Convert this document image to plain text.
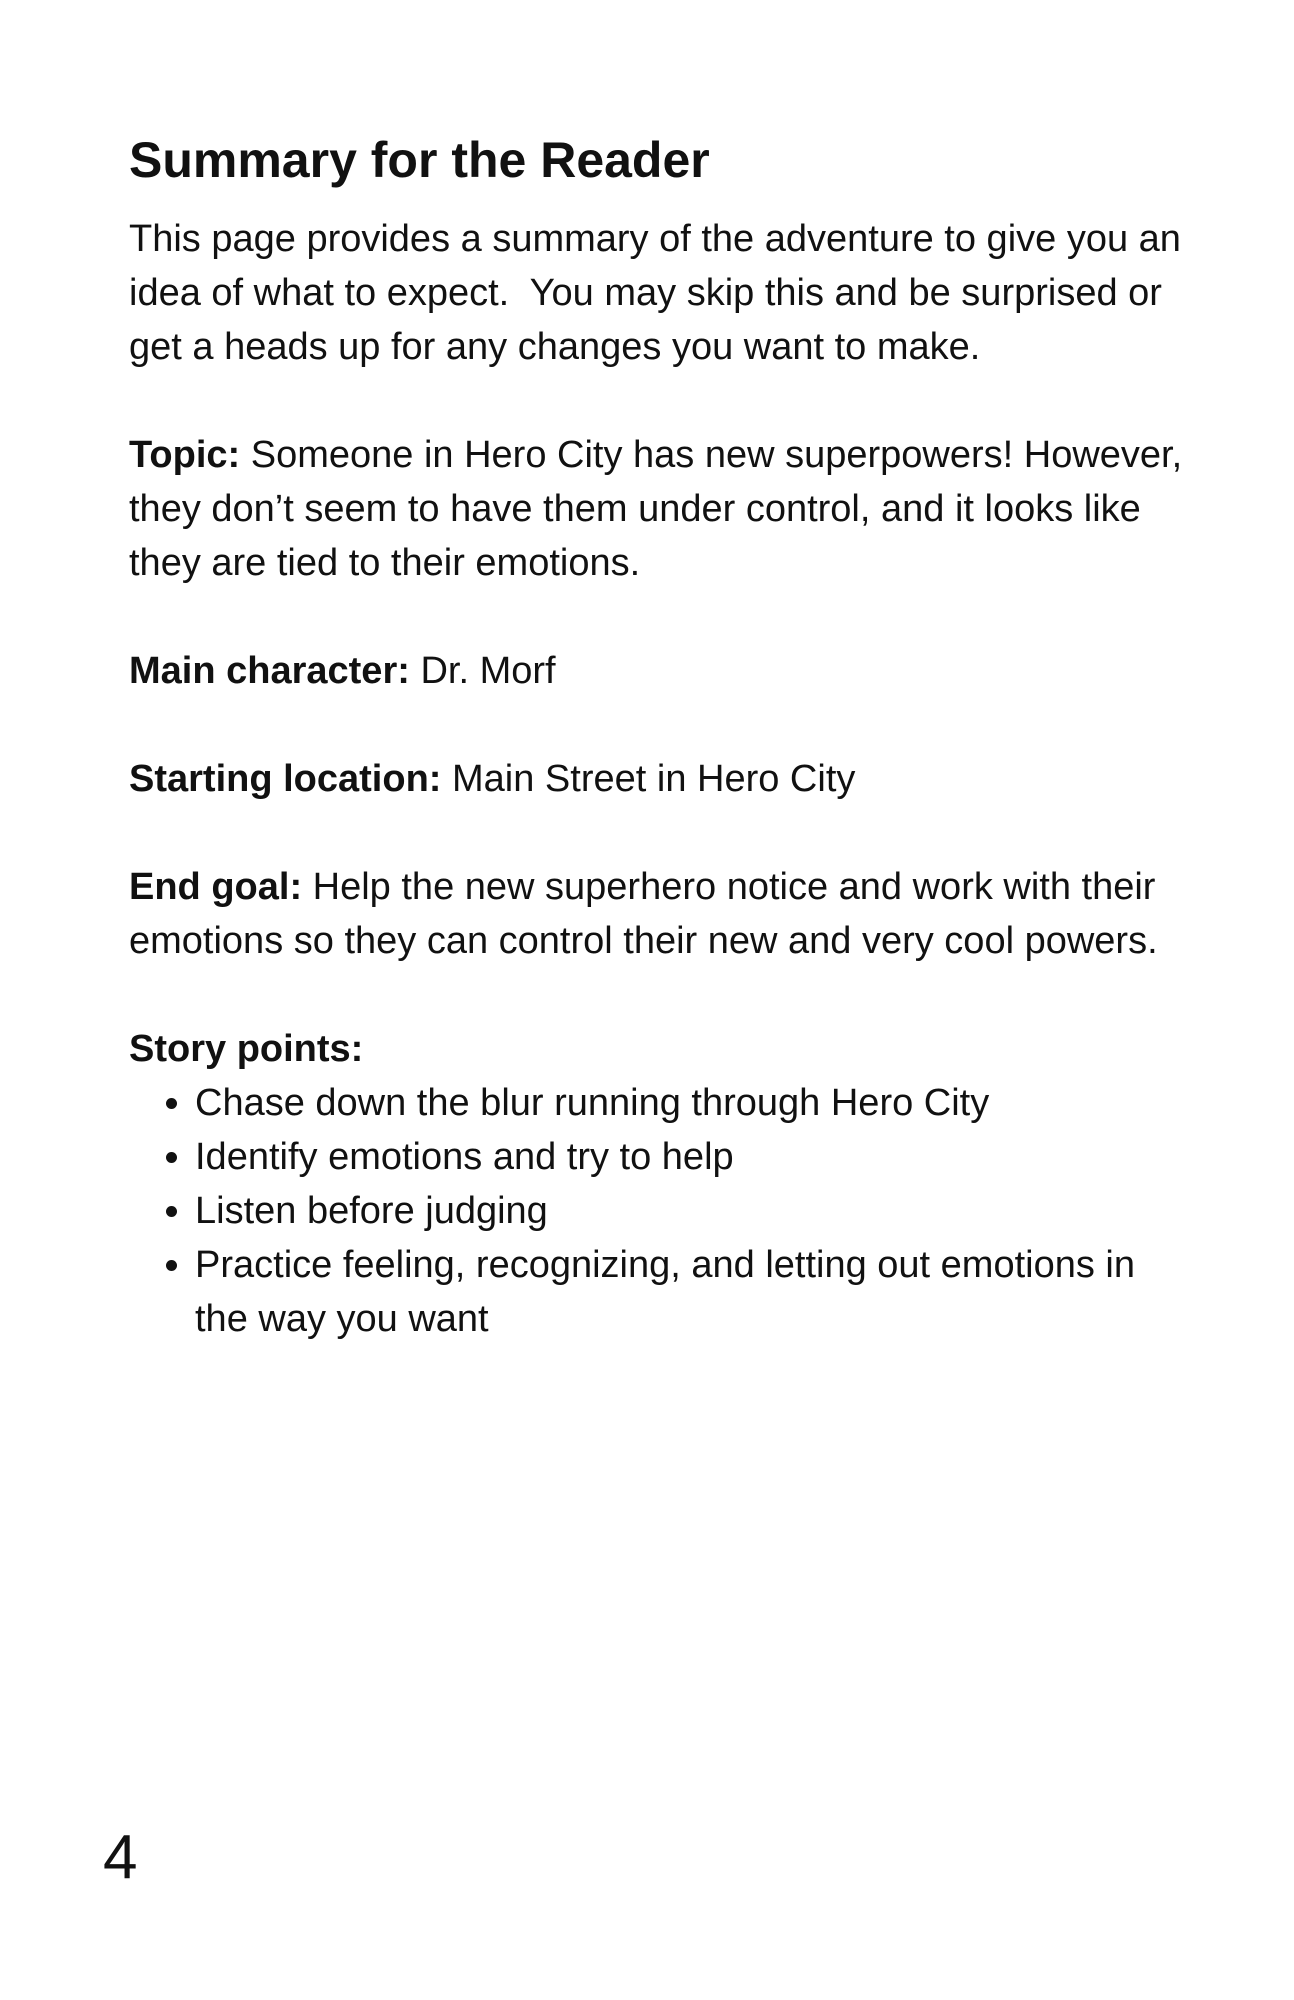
Summary for the Reader

This page provides a summary of the adventure to give you an idea of what to expect.  You may skip this and be surprised or get a heads up for any changes you want to make.

Topic: Someone in Hero City has new superpowers! However, they don’t seem to have them under control, and it looks like they are tied to their emotions.

Main character: Dr. Morf

Starting location: Main Street in Hero City

End goal: Help the new superhero notice and work with their emotions so they can control their new and very cool powers.

Story points:

• Chase down the blur running through Hero City
• Identify emotions and try to help
• Listen before judging
• Practice feeling, recognizing, and letting out emotions in the way you want
4
